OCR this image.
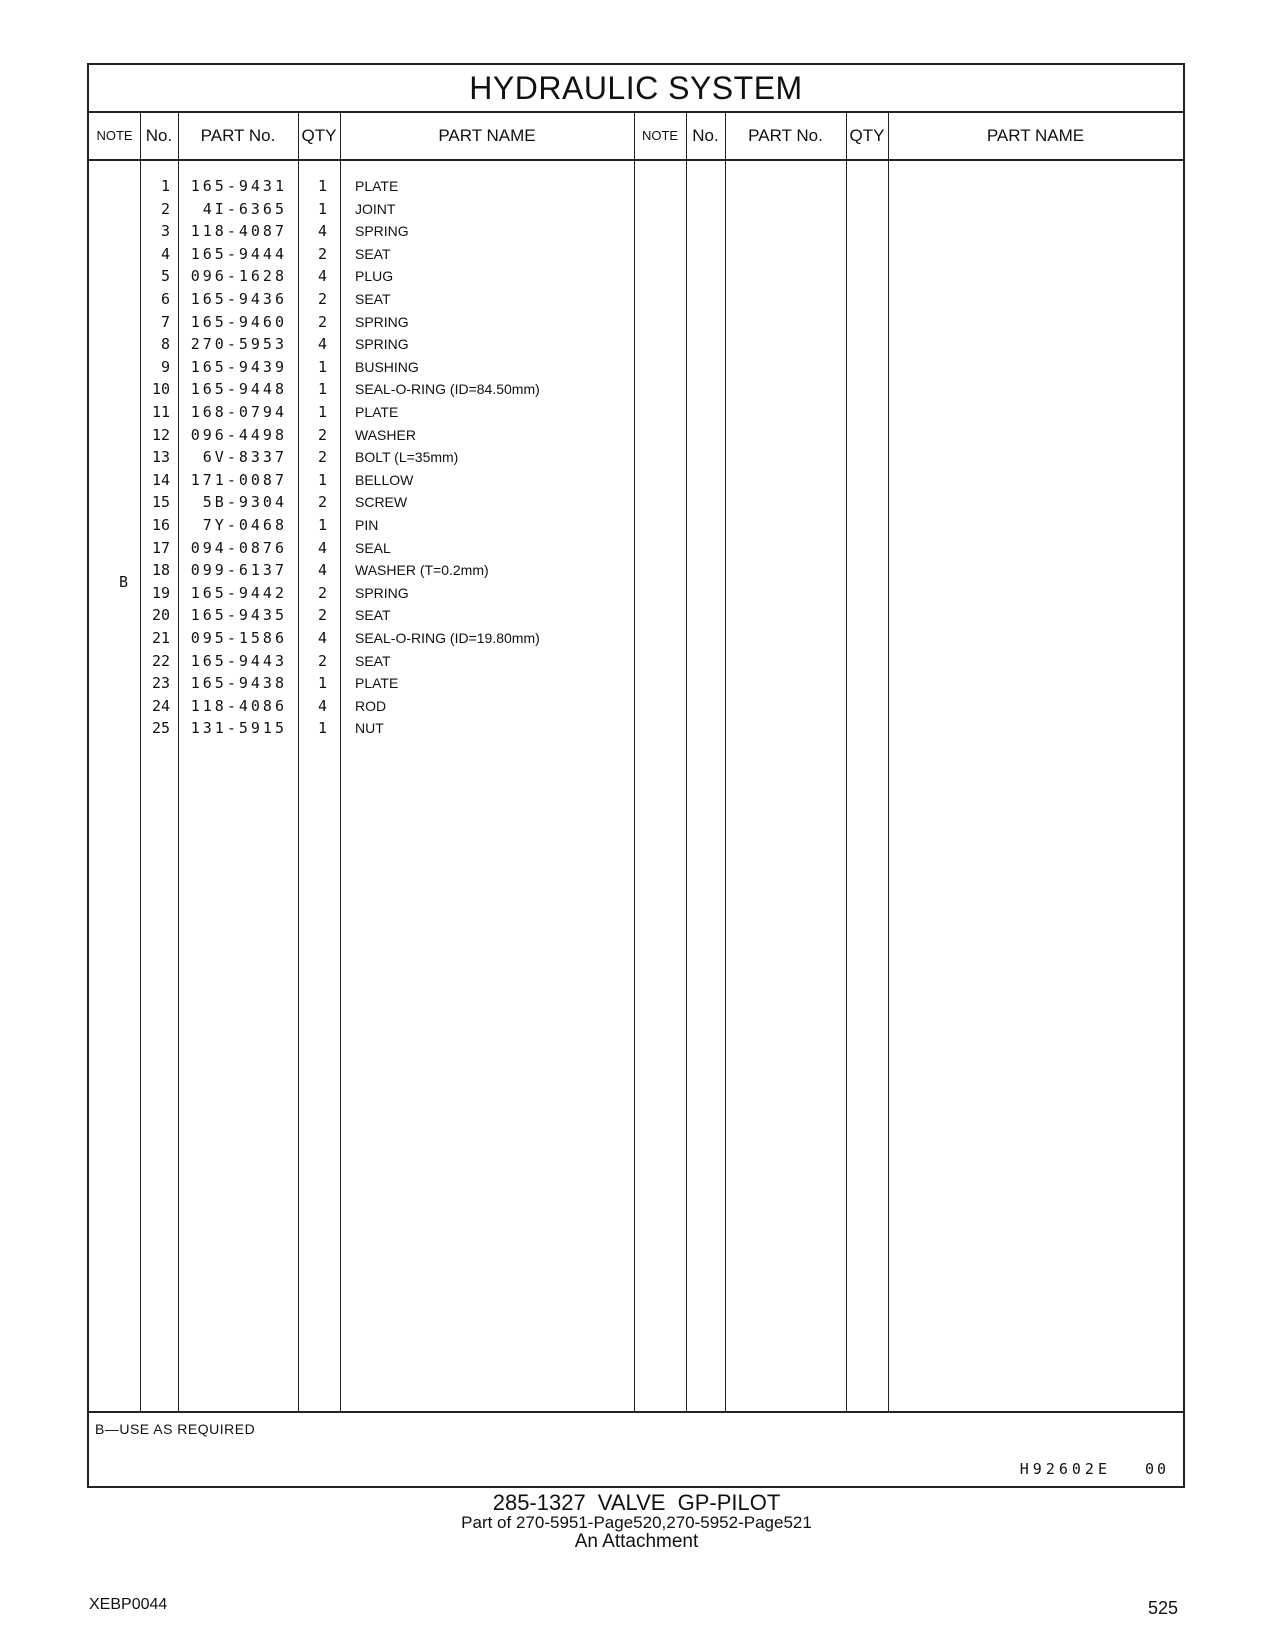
HYDRAULIC SYSTEM
NOTE No.	PART No.	QTY	PART NAME	NOTE No.	PART No.	QTY	PART NAME
1	165-9431	1 PLATE
2	4I-6365	1 JOINT
3	118-4087	4 SPRING
4	165-9444	2 SEAT
5	096-1628	4 PLUG
6	165-9436	2 SEAT
7	165-9460	2 SPRING
8	270-5953	4 SPRING
9	165-9439	1 BUSHING
10	165-9448	1 SEAL-O-RING (ID=84.50mm)
11	168-0794	1 PLATE
12	096-4498	2 WASHER
13	6V-8337	2 BOLT (L=35mm)
14	171-0087	1 BELLOW
15	5B-9304	2 SCREW
16	7Y-0468	1 PIN
17	094-0876	4 SEAL
18	099-6137	4 WASHER (T=0.2mm)
19	165-9442	2 SPRING
20	165-9435	2 SEAT
21	095-1586	4 SEAL-O-RING (ID=19.80mm)
22	165-9443	2 SEAT
23	165-9438	1 PLATE
24	118-4086	4 ROD
25	131-5915	1 NUT
B
B—USE AS REQUIRED
H92602E 00
285-1327 VALVE GP-PILOT
Part of 270-5951-Page520,270-5952-Page521
An Attachment
XEBP0044	525
